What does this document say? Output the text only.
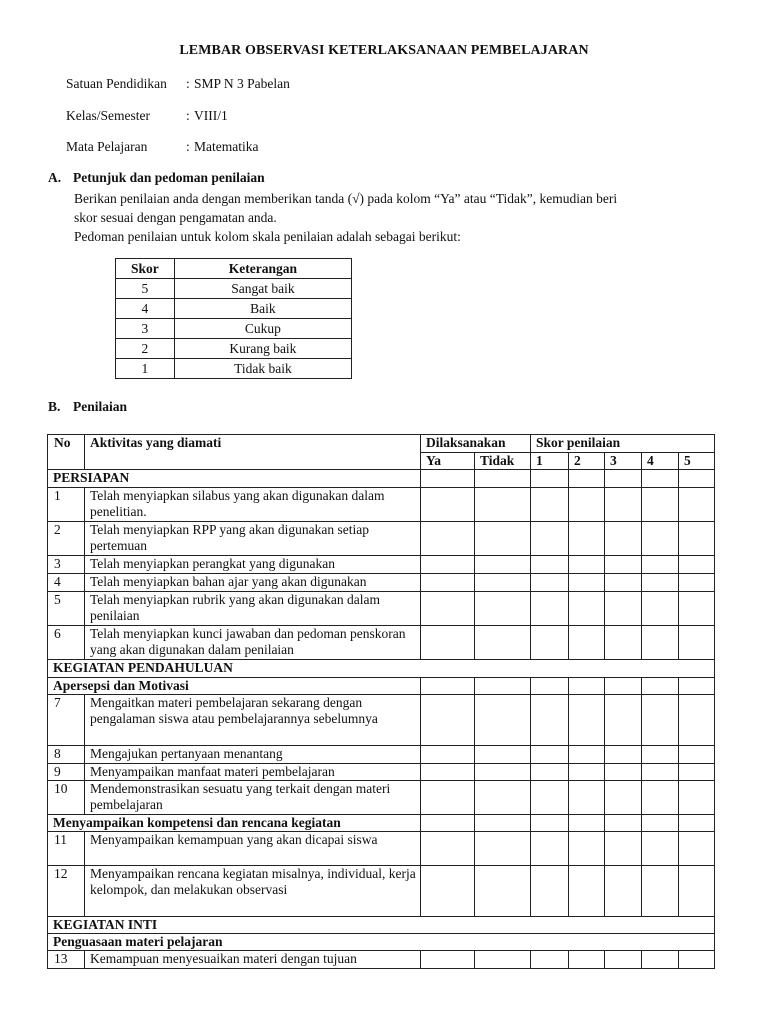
LEMBAR OBSERVASI KETERLAKSANAAN PEMBELAJARAN
Satuan Pendidikan : SMP N 3 Pabelan
Kelas/Semester	: VIII/1
Mata Pelajaran	: Matematika
A. Petunjuk dan pedoman penilaian
Berikan penilaian anda dengan memberikan tanda (√) pada kolom “Ya” atau “Tidak”, kemudian beri
skor sesuai dengan pengamatan anda.
Pedoman penilaian untuk kolom skala penilaian adalah sebagai berikut:
Skor	Keterangan
5	Sangat baik
4	Baik
3	Cukup
2	Kurang baik
1	Tidak baik
B. Penilaian
No	Aktivitas yang diamati	Dilaksanakan		Skor penilaian				
		Ya	Tidak	1	2	3	4	5
PERSIAPAN								
1	Telah menyiapkan silabus yang akan digunakan dalam penelitian.							
2	Telah menyiapkan RPP yang akan digunakan setiap pertemuan							
3	Telah menyiapkan perangkat yang digunakan							
4	Telah menyiapkan bahan ajar yang akan digunakan							
5	Telah menyiapkan rubrik yang akan digunakan dalam penilaian							
6	Telah menyiapkan kunci jawaban dan pedoman penskoran yang akan digunakan dalam penilaian							
KEGIATAN PENDAHULUAN								
Apersepsi dan Motivasi								
7	Mengaitkan materi pembelajaran sekarang dengan pengalaman siswa atau pembelajarannya sebelumnya							
8	Mengajukan pertanyaan menantang							
9	Menyampaikan manfaat materi pembelajaran							
10	Mendemonstrasikan sesuatu yang terkait dengan materi pembelajaran							
Menyampaikan kompetensi dan rencana kegiatan								
11	Menyampaikan kemampuan yang akan dicapai siswa							
12	Menyampaikan rencana kegiatan misalnya, individual, kerja kelompok, dan melakukan observasi							
KEGIATAN INTI								
Penguasaan materi pelajaran								
13	Kemampuan menyesuaikan materi dengan tujuan							
